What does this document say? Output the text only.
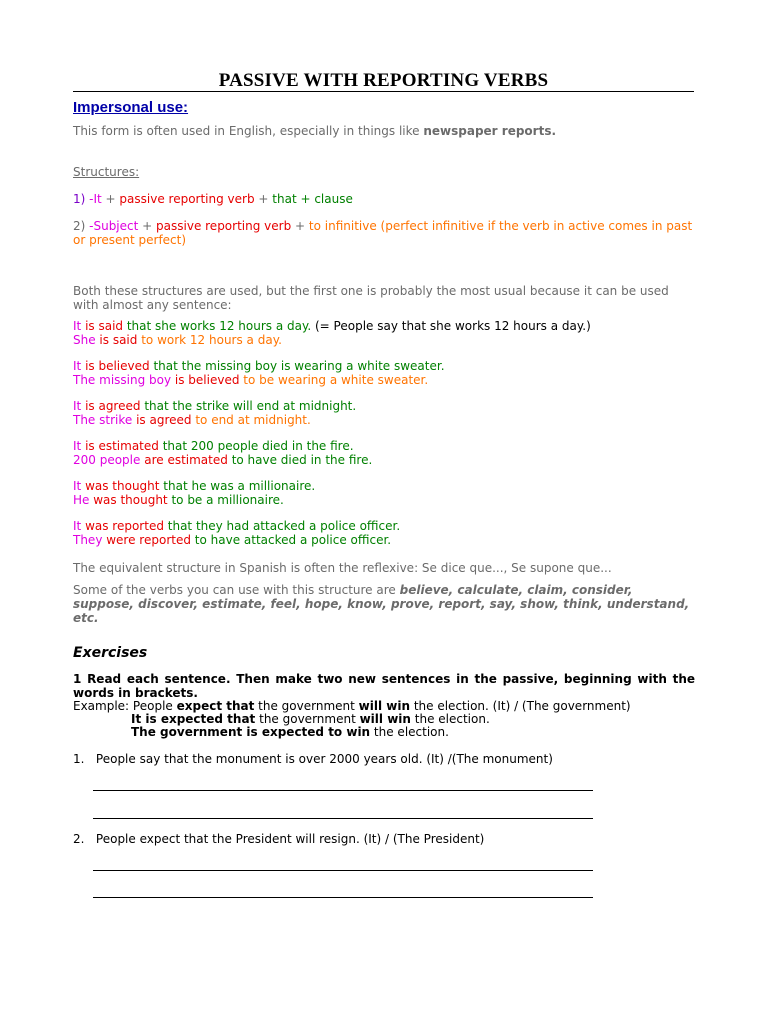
PASSIVE WITH REPORTING VERBS
Impersonal use:
This form is often used in English, especially in things like newspaper reports.
Structures:
1) -It + passive reporting verb + that + clause
2) -Subject + passive reporting verb + to infinitive (perfect infinitive if the verb in active comes in past or present perfect)
Both these structures are used, but the first one is probably the most usual because it can be used with almost any sentence:
It is said that she works 12 hours a day. (= People say that she works 12 hours a day.)
She is said to work 12 hours a day.
It is believed that the missing boy is wearing a white sweater.
The missing boy is believed to be wearing a white sweater.
It is agreed that the strike will end at midnight.
The strike is agreed to end at midnight.
It is estimated that 200 people died in the fire.
200 people are estimated to have died in the fire.
It was thought that he was a millionaire.
He was thought to be a millionaire.
It was reported that they had attacked a police officer.
They were reported to have attacked a police officer.
The equivalent structure in Spanish is often the reflexive: Se dice que..., Se supone que...
Some of the verbs you can use with this structure are believe, calculate, claim, consider, suppose, discover, estimate, feel, hope, know, prove, report, say, show, think, understand, etc.
Exercises
1 Read each sentence. Then make two new sentences in the passive, beginning with the words in brackets.
Example: People expect that the government will win the election. (It) / (The government)
It is expected that the government will win the election.
The government is expected to win the election.
1. People say that the monument is over 2000 years old. (It) /(The monument)
2. People expect that the President will resign. (It) / (The President)
